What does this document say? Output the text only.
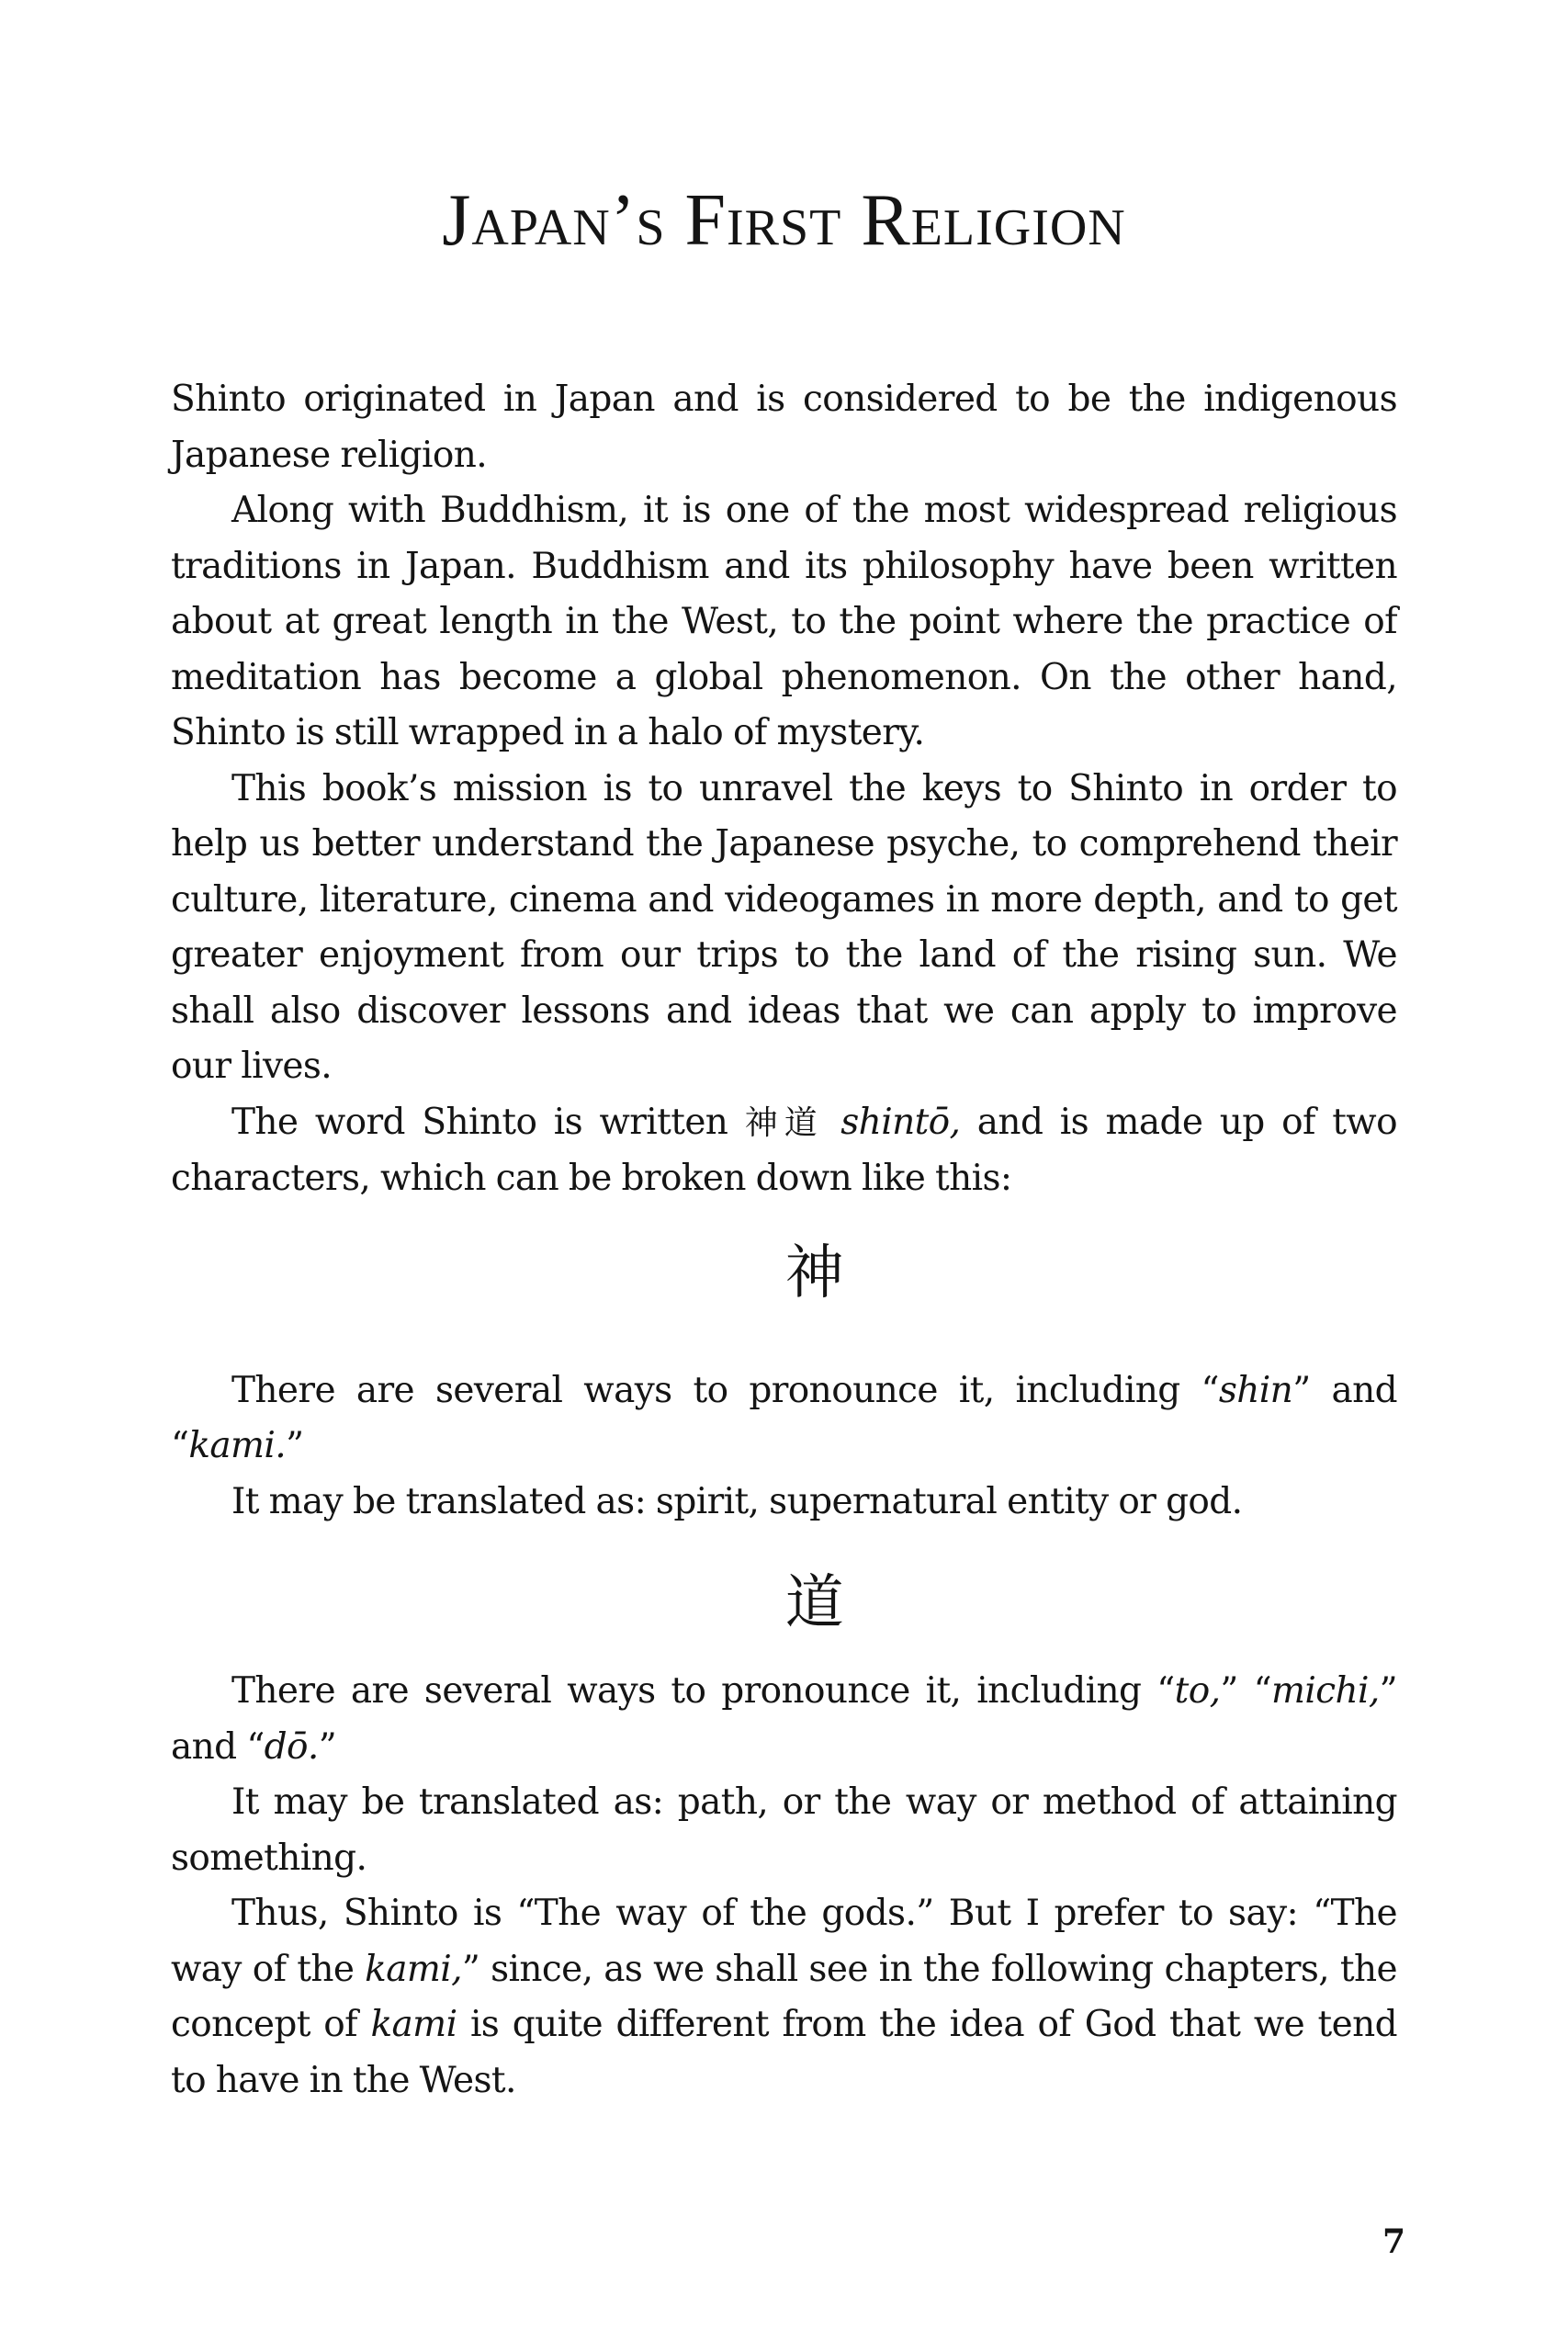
Japan’s First Religion

Shinto originated in Japan and is considered to be the indigenous Japanese religion.

Along with Buddhism, it is one of the most widespread religious traditions in Japan. Buddhism and its philosophy have been written about at great length in the West, to the point where the practice of meditation has become a global phenomenon. On the other hand, Shinto is still wrapped in a halo of mystery.

This book’s mission is to unravel the keys to Shinto in order to help us better understand the Japanese psyche, to comprehend their culture, literature, cinema and videogames in more depth, and to get greater enjoyment from our trips to the land of the rising sun. We shall also discover lessons and ideas that we can apply to improve our lives.

The word Shinto is written 神道 shintō, and is made up of two characters, which can be broken down like this:

神

There are several ways to pronounce it, including “shin” and “kami.”

It may be translated as: spirit, supernatural entity or god.

道

There are several ways to pronounce it, including “to,” “michi,” and “dō.”

It may be translated as: path, or the way or method of attaining something.

Thus, Shinto is “The way of the gods.” But I prefer to say: “The way of the kami,” since, as we shall see in the following chapters, the concept of kami is quite different from the idea of God that we tend to have in the West.

7
